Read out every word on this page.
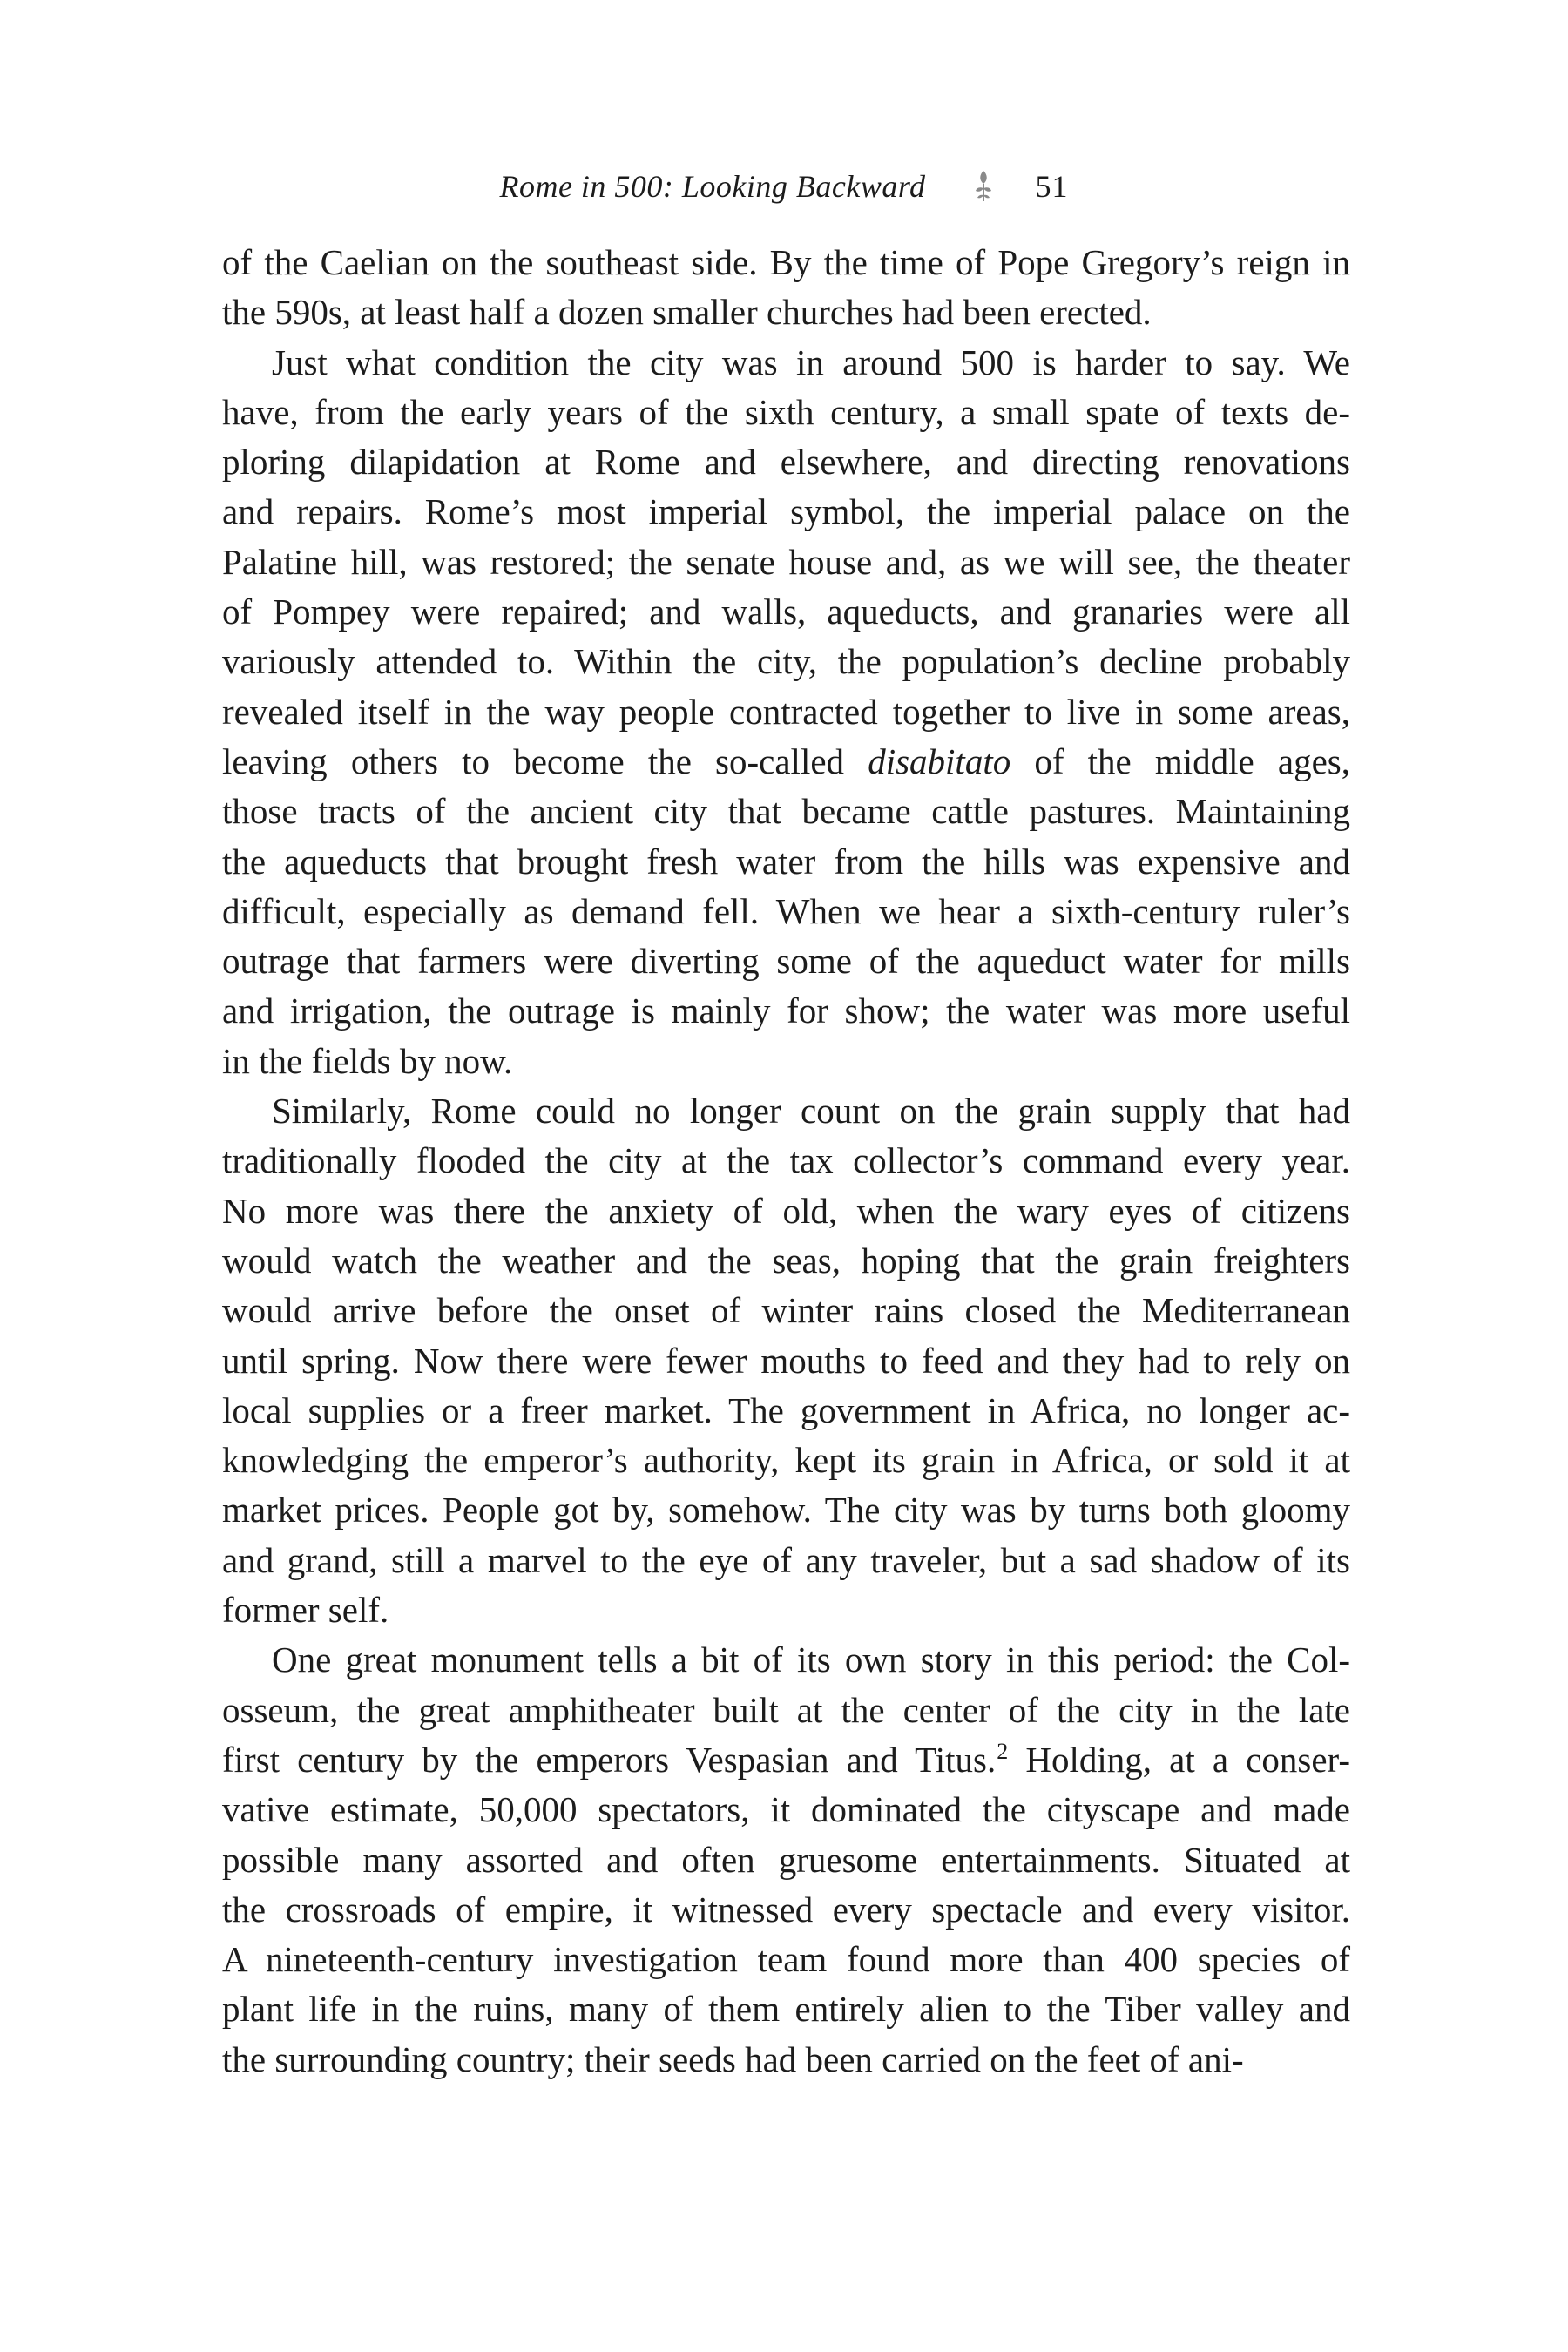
Rome in 500: Looking Backward	51
of the Caelian on the southeast side. By the time of Pope Gregory’s reign in
the 590s, at least half a dozen smaller churches had been erected.
Just what condition the city was in around 500 is harder to say. We
have, from the early years of the sixth century, a small spate of texts de-
ploring dilapidation at Rome and elsewhere, and directing renovations
and repairs. Rome’s most imperial symbol, the imperial palace on the
Palatine hill, was restored; the senate house and, as we will see, the theater
of Pompey were repaired; and walls, aqueducts, and granaries were all
variously attended to. Within the city, the population’s decline probably
revealed itself in the way people contracted together to live in some areas,
leaving others to become the so-called disabitato of the middle ages,
those tracts of the ancient city that became cattle pastures. Maintaining
the aqueducts that brought fresh water from the hills was expensive and
difficult, especially as demand fell. When we hear a sixth-century ruler’s
outrage that farmers were diverting some of the aqueduct water for mills
and irrigation, the outrage is mainly for show; the water was more useful
in the fields by now.
Similarly, Rome could no longer count on the grain supply that had
traditionally flooded the city at the tax collector’s command every year.
No more was there the anxiety of old, when the wary eyes of citizens
would watch the weather and the seas, hoping that the grain freighters
would arrive before the onset of winter rains closed the Mediterranean
until spring. Now there were fewer mouths to feed and they had to rely on
local supplies or a freer market. The government in Africa, no longer ac-
knowledging the emperor’s authority, kept its grain in Africa, or sold it at
market prices. People got by, somehow. The city was by turns both gloomy
and grand, still a marvel to the eye of any traveler, but a sad shadow of its
former self.
One great monument tells a bit of its own story in this period: the Col-
osseum, the great amphitheater built at the center of the city in the late
first century by the emperors Vespasian and Titus.$^2$ Holding, at a conser-
vative estimate, 50,000 spectators, it dominated the cityscape and made
possible many assorted and often gruesome entertainments. Situated at
the crossroads of empire, it witnessed every spectacle and every visitor.
A nineteenth-century investigation team found more than 400 species of
plant life in the ruins, many of them entirely alien to the Tiber valley and
the surrounding country; their seeds had been carried on the feet of ani-
